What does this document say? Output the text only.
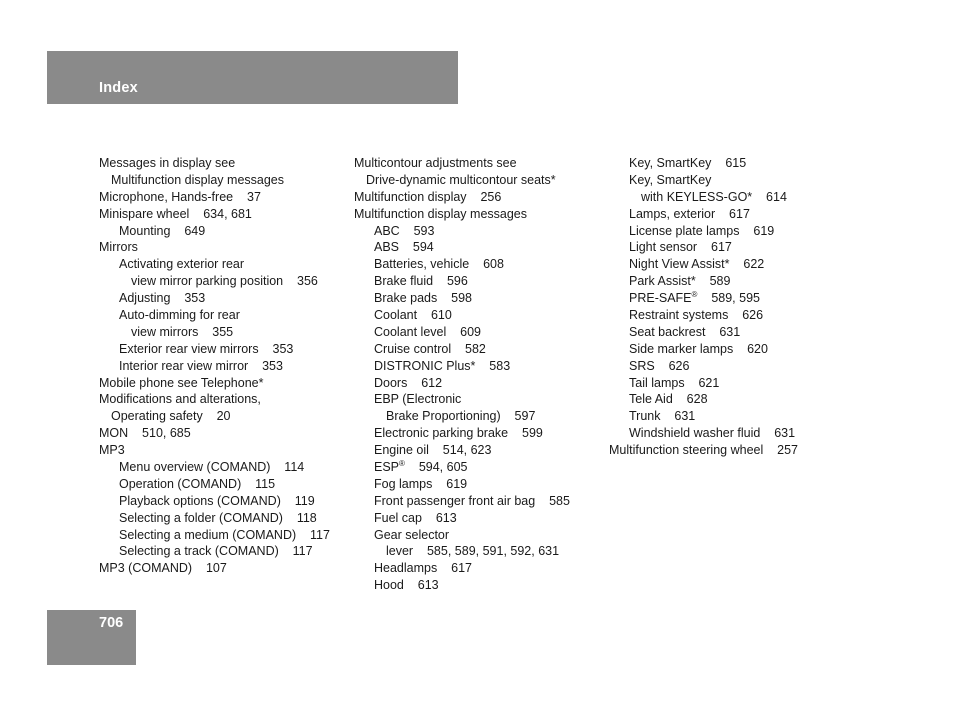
Index
Messages in display see
Multifunction display messages
Microphone, Hands-free    37
Minispare wheel    634, 681
Mounting    649
Mirrors
Activating exterior rear
view mirror parking position    356
Adjusting    353
Auto-dimming for rear
view mirrors    355
Exterior rear view mirrors    353
Interior rear view mirror    353
Mobile phone see Telephone*
Modifications and alterations,
Operating safety    20
MON    510, 685
MP3
Menu overview (COMAND)    114
Operation (COMAND)    115
Playback options (COMAND)    119
Selecting a folder (COMAND)    118
Selecting a medium (COMAND)    117
Selecting a track (COMAND)    117
MP3 (COMAND)    107
Multicontour adjustments see
Drive-dynamic multicontour seats*
Multifunction display    256
Multifunction display messages
ABC    593
ABS    594
Batteries, vehicle    608
Brake fluid    596
Brake pads    598
Coolant    610
Coolant level    609
Cruise control    582
DISTRONIC Plus*    583
Doors    612
EBP (Electronic
Brake Proportioning)    597
Electronic parking brake    599
Engine oil    514, 623
ESP®    594, 605
Fog lamps    619
Front passenger front air bag    585
Fuel cap    613
Gear selector
lever    585, 589, 591, 592, 631
Headlamps    617
Hood    613
Key, SmartKey    615
Key, SmartKey
with KEYLESS-GO*    614
Lamps, exterior    617
License plate lamps    619
Light sensor    617
Night View Assist*    622
Park Assist*    589
PRE-SAFE®    589, 595
Restraint systems    626
Seat backrest    631
Side marker lamps    620
SRS    626
Tail lamps    621
Tele Aid    628
Trunk    631
Windshield washer fluid    631
Multifunction steering wheel    257
706
